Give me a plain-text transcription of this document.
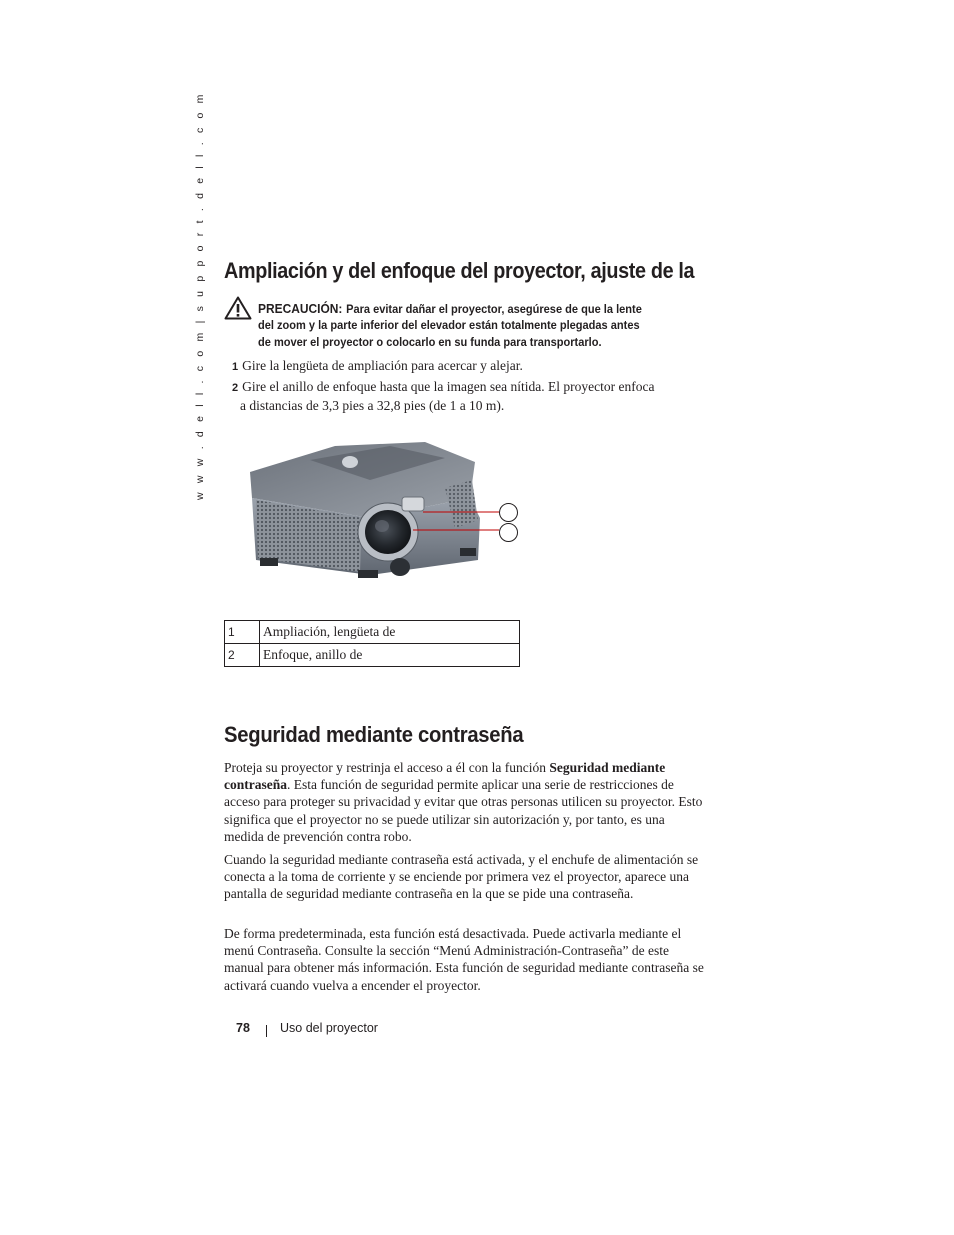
w w w . d e l l . c o m | s u p p o r t . d e l l . c o m Ampliación y del enfoque del proyector, ajuste de la
PRECAUCIÓN: Para evitar dañar el proyector, asegúrese de que la lente
del zoom y la parte inferior del elevador están totalmente plegadas antes
de mover el proyector o colocarlo en su funda para transportarlo.
1 Gire la lengüeta de ampliación para acercar y alejar.
2 Gire el anillo de enfoque hasta que la imagen sea nítida. El proyector enfoca
a distancias de 3,3 pies a 32,8 pies (de 1 a 10 m).
1	Ampliación, lengüeta de
2	Enfoque, anillo de
Seguridad mediante contraseña

Proteja su proyector y restrinja el acceso a él con la función Seguridad mediante contraseña. Esta función de seguridad permite aplicar una serie de restricciones de acceso para proteger su privacidad y evitar que otras personas utilicen su proyector. Esto significa que el proyector no se puede utilizar sin autorización y, por tanto, es una medida de prevención contra robo.

Cuando la seguridad mediante contraseña está activada, y el enchufe de alimentación se conecta a la toma de corriente y se enciende por primera vez el proyector, aparece una pantalla de seguridad mediante contraseña en la que se pide una contraseña.

De forma predeterminada, esta función está desactivada. Puede activarla mediante el menú Contraseña. Consulte la sección “Menú Administración-Contraseña” de este manual para obtener más información. Esta función de seguridad mediante contraseña se activará cuando vuelva a encender el proyector.

78 Uso del proyector
